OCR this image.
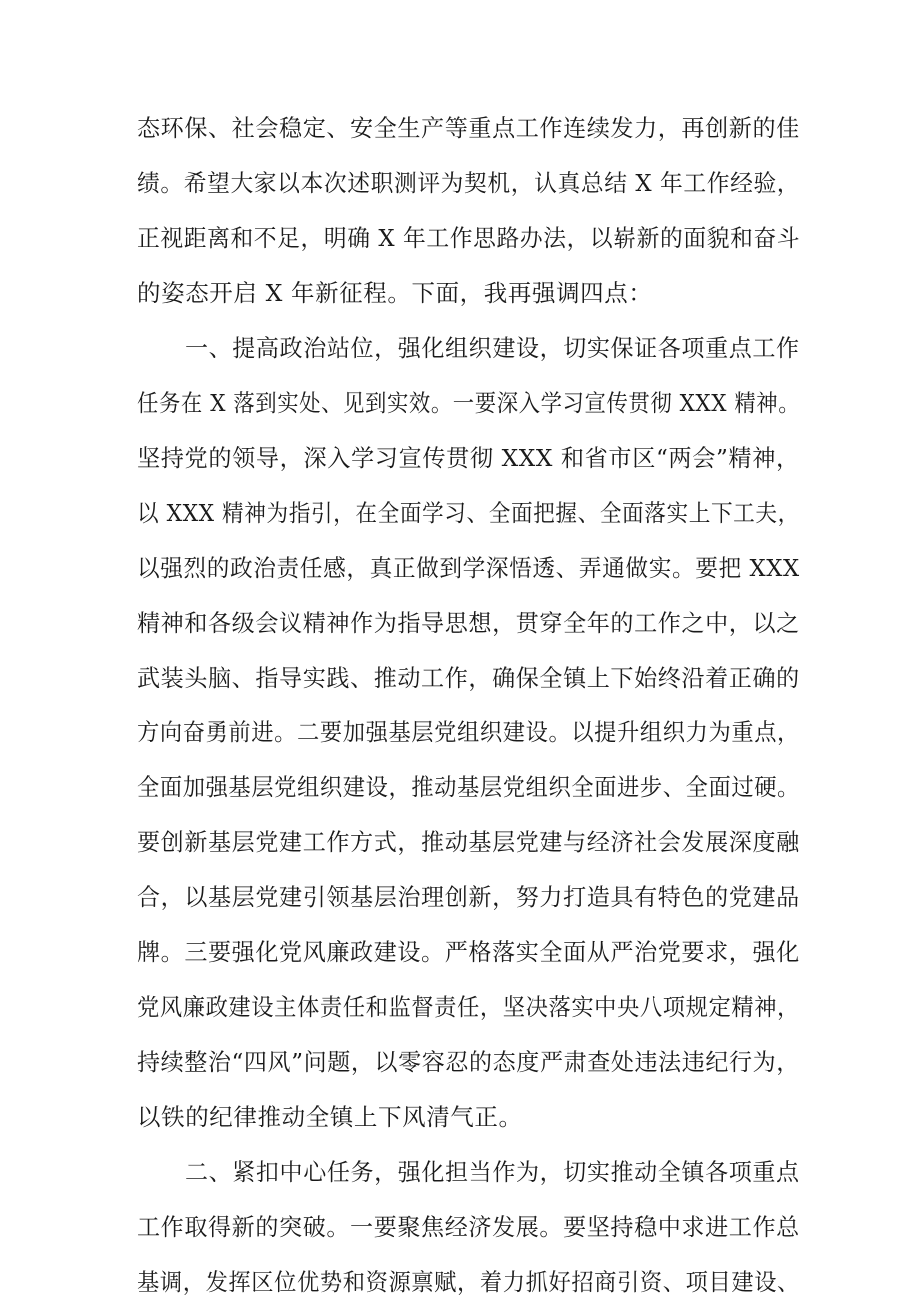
态环保、社会稳定、安全生产等重点工作连续发力，再创新的佳
绩。希望大家以本次述职测评为契机，认真总结 X 年工作经验，
正视距离和不足，明确 X 年工作思路办法，以崭新的面貌和奋斗
的姿态开启 X 年新征程。下面，我再强调四点：
一、提高政治站位，强化组织建设，切实保证各项重点工作
任务在 X 落到实处、见到实效。一要深入学习宣传贯彻 XXX 精神。
坚持党的领导，深入学习宣传贯彻 XXX 和省市区“两会”精神，
以 XXX 精神为指引，在全面学习、全面把握、全面落实上下工夫，
以强烈的政治责任感，真正做到学深悟透、弄通做实。要把 XXX
精神和各级会议精神作为指导思想，贯穿全年的工作之中，以之
武装头脑、指导实践、推动工作，确保全镇上下始终沿着正确的
方向奋勇前进。二要加强基层党组织建设。以提升组织力为重点，
全面加强基层党组织建设，推动基层党组织全面进步、全面过硬。
要创新基层党建工作方式，推动基层党建与经济社会发展深度融
合，以基层党建引领基层治理创新，努力打造具有特色的党建品
牌。三要强化党风廉政建设。严格落实全面从严治党要求，强化
党风廉政建设主体责任和监督责任，坚决落实中央八项规定精神，
持续整治“四风”问题，以零容忍的态度严肃查处违法违纪行为，
以铁的纪律推动全镇上下风清气正。
二、紧扣中心任务，强化担当作为，切实推动全镇各项重点
工作取得新的突破。一要聚焦经济发展。要坚持稳中求进工作总
基调，发挥区位优势和资源禀赋，着力抓好招商引资、项目建设、
